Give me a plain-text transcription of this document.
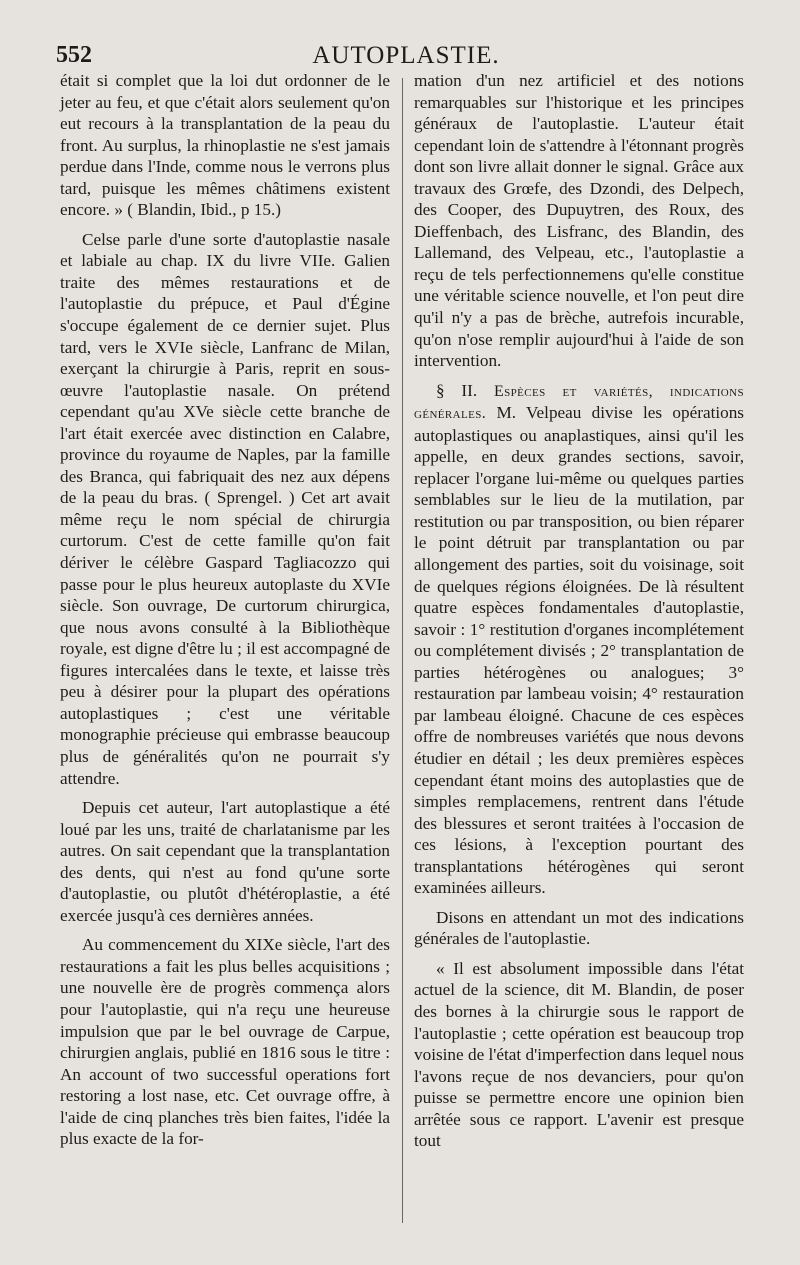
552	AUTOPLASTIE.

était si complet que la loi dut ordonner de le jeter au feu, et que c'était alors seulement qu'on eut recours à la transplantation de la peau du front. Au surplus, la rhinoplastie ne s'est jamais perdue dans l'Inde, comme nous le verrons plus tard, puisque les mêmes châtimens existent encore. » ( Blandin, Ibid., p 15.)

Celse parle d'une sorte d'autoplastie nasale et labiale au chap. IX du livre VIIe. Galien traite des mêmes restaurations et de l'autoplastie du prépuce, et Paul d'Égine s'occupe également de ce dernier sujet. Plus tard, vers le XVIe siècle, Lanfranc de Milan, exerçant la chirurgie à Paris, reprit en sous-œuvre l'autoplastie nasale. On prétend cependant qu'au XVe siècle cette branche de l'art était exercée avec distinction en Calabre, province du royaume de Naples, par la famille des Branca, qui fabriquait des nez aux dépens de la peau du bras. ( Sprengel. ) Cet art avait même reçu le nom spécial de chirurgia curtorum. C'est de cette famille qu'on fait dériver le célèbre Gaspard Tagliacozzo qui passe pour le plus heureux autoplaste du XVIe siècle. Son ouvrage, De curtorum chirurgica, que nous avons consulté à la Bibliothèque royale, est digne d'être lu ; il est accompagné de figures intercalées dans le texte, et laisse très peu à désirer pour la plupart des opérations autoplastiques ; c'est une véritable monographie précieuse qui embrasse beaucoup plus de généralités qu'on ne pourrait s'y attendre.

Depuis cet auteur, l'art autoplastique a été loué par les uns, traité de charlatanisme par les autres. On sait cependant que la transplantation des dents, qui n'est au fond qu'une sorte d'autoplastie, ou plutôt d'hétéroplastie, a été exercée jusqu'à ces dernières années.

Au commencement du XIXe siècle, l'art des restaurations a fait les plus belles acquisitions ; une nouvelle ère de progrès commença alors pour l'autoplastie, qui n'a reçu une heureuse impulsion que par le bel ouvrage de Carpue, chirurgien anglais, publié en 1816 sous le titre : An account of two successful operations fort restoring a lost nase, etc. Cet ouvrage offre, à l'aide de cinq planches très bien faites, l'idée la plus exacte de la for-

mation d'un nez artificiel et des notions remarquables sur l'historique et les principes généraux de l'autoplastie. L'auteur était cependant loin de s'attendre à l'étonnant progrès dont son livre allait donner le signal. Grâce aux travaux des Grœfe, des Dzondi, des Delpech, des Cooper, des Dupuytren, des Roux, des Dieffenbach, des Lisfranc, des Blandin, des Lallemand, des Velpeau, etc., l'autoplastie a reçu de tels perfectionnemens qu'elle constitue une véritable science nouvelle, et l'on peut dire qu'il n'y a pas de brèche, autrefois incurable, qu'on n'ose remplir aujourd'hui à l'aide de son intervention.

§ II. Espèces et variétés, indications générales. M. Velpeau divise les opérations autoplastiques ou anaplastiques, ainsi qu'il les appelle, en deux grandes sections, savoir, replacer l'organe lui-même ou quelques parties semblables sur le lieu de la mutilation, par restitution ou par transposition, ou bien réparer le point détruit par transplantation ou par allongement des parties, soit du voisinage, soit de quelques régions éloignées. De là résultent quatre espèces fondamentales d'autoplastie, savoir : 1° restitution d'organes incomplétement ou complétement divisés ; 2° transplantation de parties hétérogènes ou analogues; 3° restauration par lambeau voisin; 4° restauration par lambeau éloigné. Chacune de ces espèces offre de nombreuses variétés que nous devons étudier en détail ; les deux premières espèces cependant étant moins des autoplasties que de simples remplacemens, rentrent dans l'étude des blessures et seront traitées à l'occasion de ces lésions, à l'exception pourtant des transplantations hétérogènes qui seront examinées ailleurs.

Disons en attendant un mot des indications générales de l'autoplastie.

« Il est absolument impossible dans l'état actuel de la science, dit M. Blandin, de poser des bornes à la chirurgie sous le rapport de l'autoplastie ; cette opération est beaucoup trop voisine de l'état d'imperfection dans lequel nous l'avons reçue de nos devanciers, pour qu'on puisse se permettre encore une opinion bien arrêtée sous ce rapport. L'avenir est presque tout
